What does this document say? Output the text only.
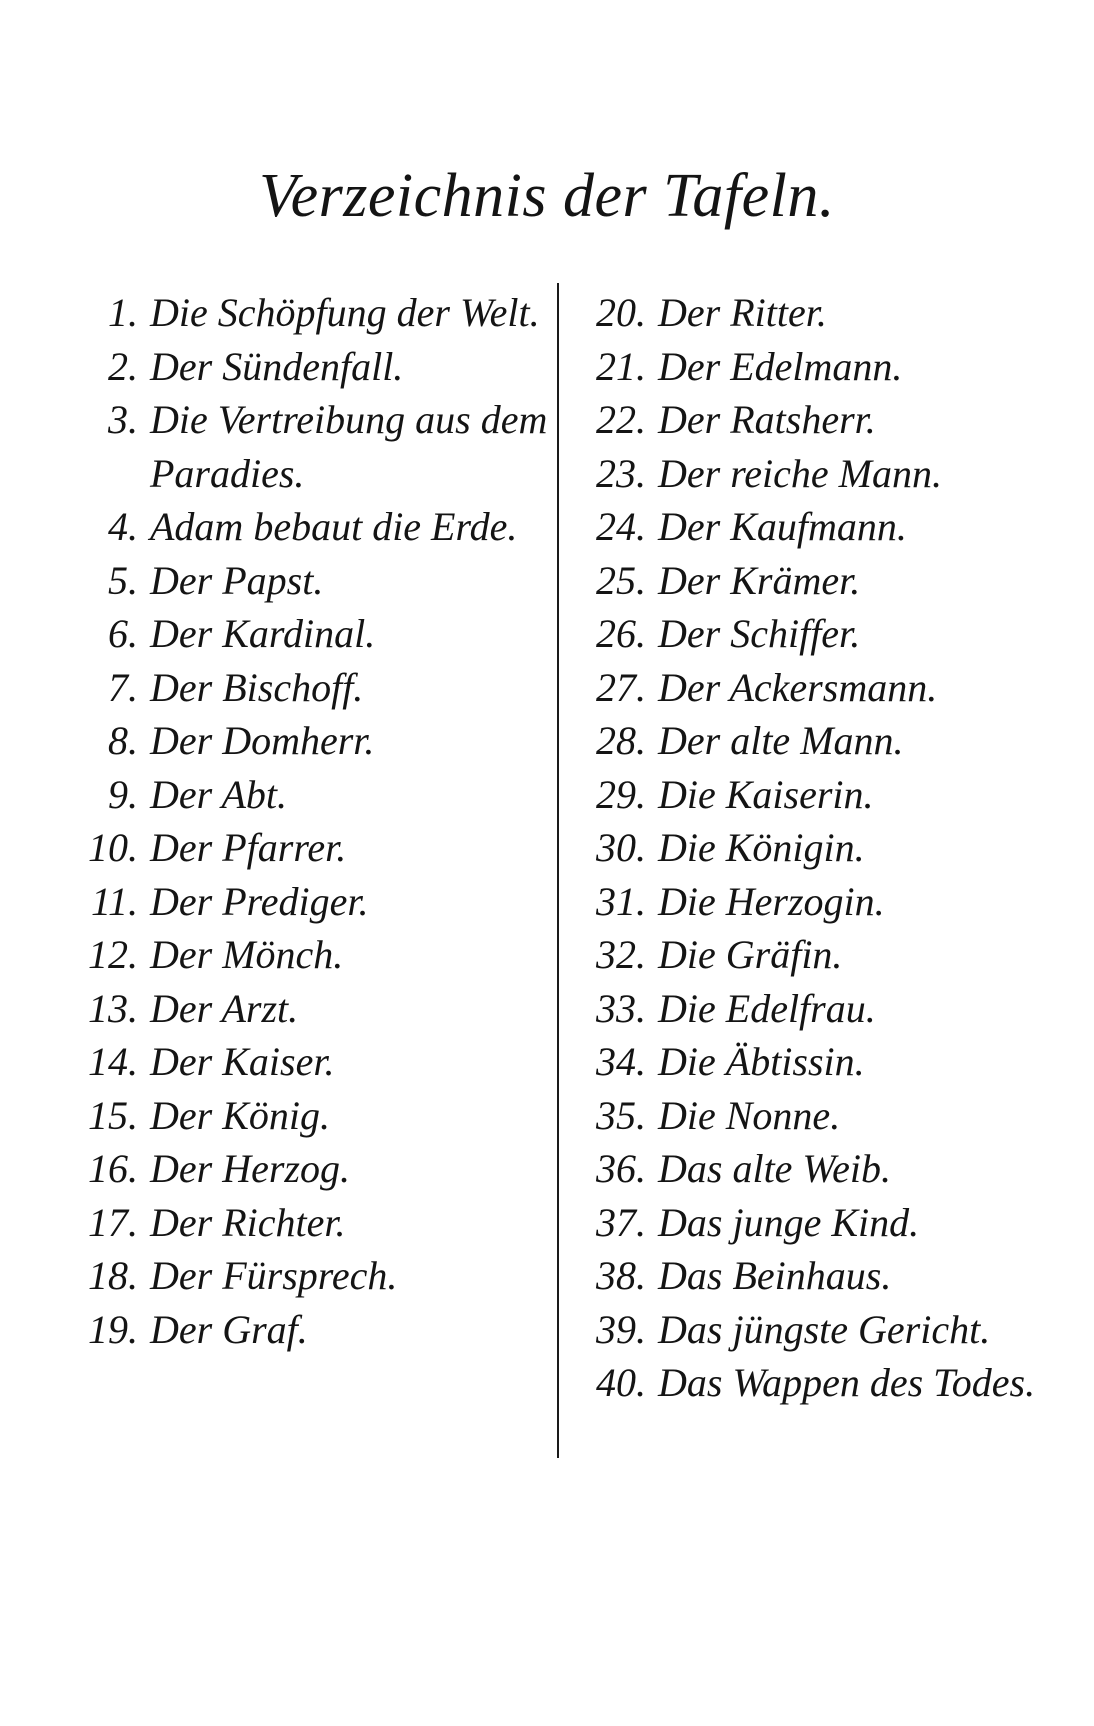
Verzeichnis der Tafeln.
1. Die Schöpfung der Welt.
2. Der Sündenfall.
3. Die Vertreibung aus dem Paradies.
4. Adam bebaut die Erde.
5. Der Papst.
6. Der Kardinal.
7. Der Bischoff.
8. Der Domherr.
9. Der Abt.
10. Der Pfarrer.
11. Der Prediger.
12. Der Mönch.
13. Der Arzt.
14. Der Kaiser.
15. Der König.
16. Der Herzog.
17. Der Richter.
18. Der Fürsprech.
19. Der Graf.
20. Der Ritter.
21. Der Edelmann.
22. Der Ratsherr.
23. Der reiche Mann.
24. Der Kaufmann.
25. Der Krämer.
26. Der Schiffer.
27. Der Ackersmann.
28. Der alte Mann.
29. Die Kaiserin.
30. Die Königin.
31. Die Herzogin.
32. Die Gräfin.
33. Die Edelfrau.
34. Die Äbtissin.
35. Die Nonne.
36. Das alte Weib.
37. Das junge Kind.
38. Das Beinhaus.
39. Das jüngste Gericht.
40. Das Wappen des Todes.
